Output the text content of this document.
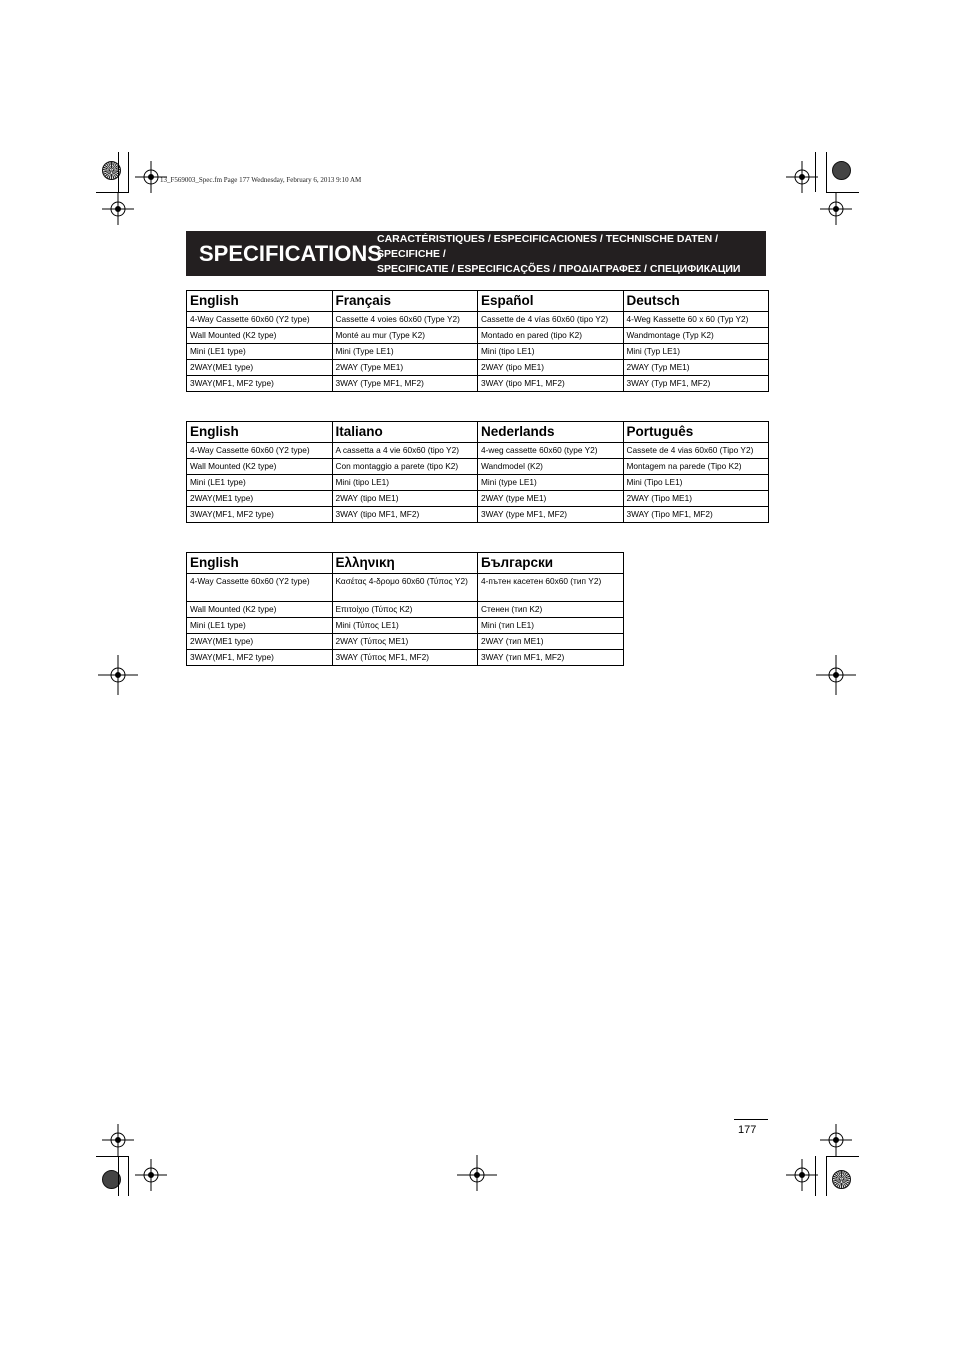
13_F569003_Spec.fm Page 177 Wednesday, February 6, 2013 9:10 AM
SPECIFICATIONS
CARACTÉRISTIQUES / ESPECIFICACIONES / TECHNISCHE DATEN / SPECIFICHE /
SPECIFICATIE / ESPECIFICAÇÕES / ΠΡΟΔΙΑΓΡΑΦΕΣ / СПЕЦИФИКАЦИИ
English	Français	Español	Deutsch
4-Way Cassette 60x60 (Y2 type)	Cassette 4 voies 60x60 (Type Y2)	Cassette de 4 vías 60x60 (tipo Y2)	4-Weg Kassette 60 x 60 (Typ Y2)
Wall Mounted (K2 type)	Monté au mur (Type K2)	Montado en pared (tipo K2)	Wandmontage (Typ K2)
Mini (LE1 type)	Mini (Type LE1)	Mini (tipo LE1)	Mini (Typ LE1)
2WAY(ME1 type)	2WAY (Type ME1)	2WAY (tipo ME1)	2WAY (Typ ME1)
3WAY(MF1, MF2 type)	3WAY (Type MF1, MF2)	3WAY (tipo MF1, MF2)	3WAY (Typ MF1, MF2)
English	Italiano	Nederlands	Português
4-Way Cassette 60x60 (Y2 type)	A cassetta a 4 vie 60x60 (tipo Y2)	4-weg cassette 60x60 (type Y2)	Cassete de 4 vias 60x60 (Tipo Y2)
Wall Mounted (K2 type)	Con montaggio a parete (tipo K2)	Wandmodel (K2)	Montagem na parede (Tipo K2)
Mini (LE1 type)	Mini (tipo LE1)	Mini (type LE1)	Mini (Tipo LE1)
2WAY(ME1 type)	2WAY (tipo ME1)	2WAY (type ME1)	2WAY (Tipo ME1)
3WAY(MF1, MF2 type)	3WAY (tipo MF1, MF2)	3WAY (type MF1, MF2)	3WAY (Tipo MF1, MF2)
English	Ελληνικη	Български
4-Way Cassette 60x60 (Y2 type)	Κασέτας 4-δρομο 60x60 (Τύπος Y2)	4-пътен касетен 60x60 (тип Y2)
Wall Mounted (K2 type)	Επιτοίχιο (Τύπος K2)	Стенен (тип K2)
Mini (LE1 type)	Mini (Τύπος LE1)	Mini (тип LE1)
2WAY(ME1 type)	2WAY (Τύπος ME1)	2WAY (тип ME1)
3WAY(MF1, MF2 type)	3WAY (Τύπος MF1, MF2)	3WAY (тип MF1, MF2)
177
